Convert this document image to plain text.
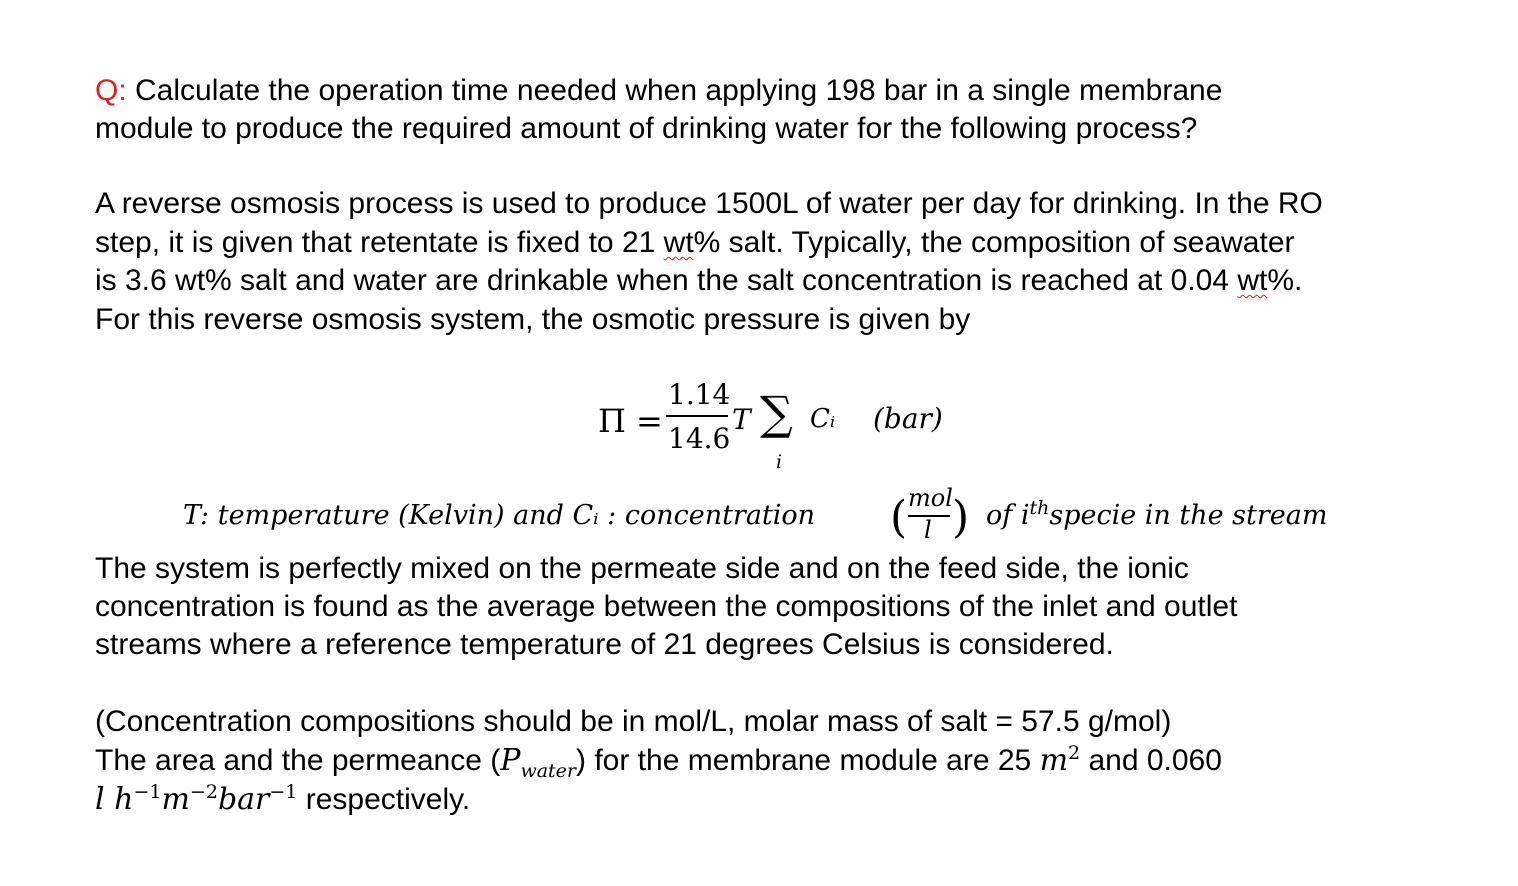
Q: Calculate the operation time needed when applying 198 bar in a single membrane
module to produce the required amount of drinking water for the following process?
A reverse osmosis process is used to produce 1500L of water per day for drinking. In the RO
step, it is given that retentate is fixed to 21 wt% salt. Typically, the composition of seawater
is 3.6 wt% salt and water are drinkable when the salt concentration is reached at 0.04 wt%.
For this reverse osmosis system, the osmotic pressure is given by
Π =
1.14
14.6
T ∑
i
Cᵢ (bar)
T: temperature (Kelvin) and Cᵢ : concentration ( mol
l ) of $i^{th}specie$ in the stream
The system is perfectly mixed on the permeate side and on the feed side, the ionic
concentration is found as the average between the compositions of the inlet and outlet
streams where a reference temperature of 21 degrees Celsius is considered.
(Concentration compositions should be in mol/L, molar mass of salt = 57.5 g/mol)
The area and the permeance $(P_{water})$ for the membrane module are 25 $m^2$ and 0.060
l $h^{-1}m^{-2}bar^{-1}$ respectively.
